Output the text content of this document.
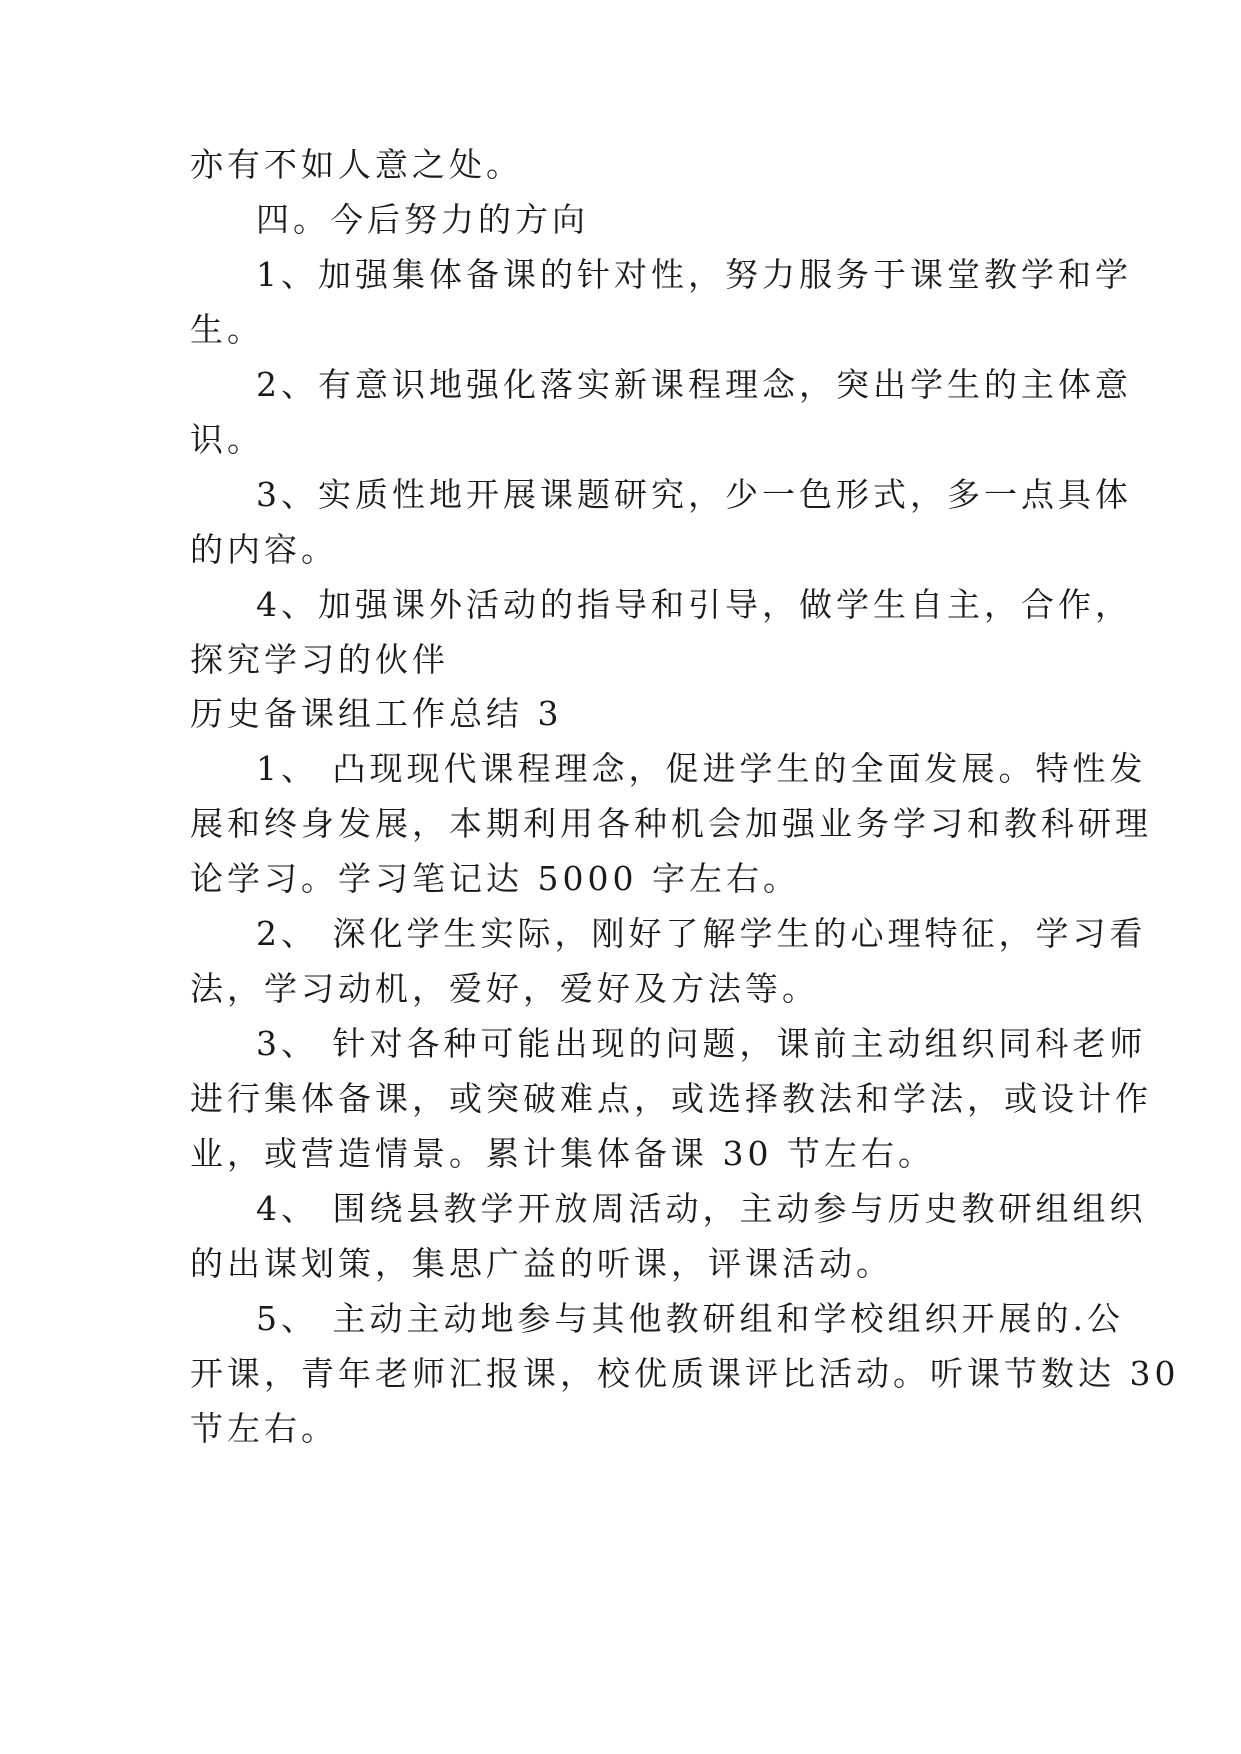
亦有不如人意之处。
四。今后努力的方向
1、加强集体备课的针对性，努力服务于课堂教学和学
生。
2、有意识地强化落实新课程理念，突出学生的主体意
识。
3、实质性地开展课题研究，少一色形式，多一点具体
的内容。
4、加强课外活动的指导和引导，做学生自主，合作，
探究学习的伙伴
历史备课组工作总结 3
1、 凸现现代课程理念，促进学生的全面发展。特性发
展和终身发展，本期利用各种机会加强业务学习和教科研理
论学习。学习笔记达 5000 字左右。
2、 深化学生实际，刚好了解学生的心理特征，学习看
法，学习动机，爱好，爱好及方法等。
3、 针对各种可能出现的问题，课前主动组织同科老师
进行集体备课，或突破难点，或选择教法和学法，或设计作
业，或营造情景。累计集体备课 30 节左右。
4、 围绕县教学开放周活动，主动参与历史教研组组织
的出谋划策，集思广益的听课，评课活动。
5、 主动主动地参与其他教研组和学校组织开展的.公
开课，青年老师汇报课，校优质课评比活动。听课节数达 30
节左右。
